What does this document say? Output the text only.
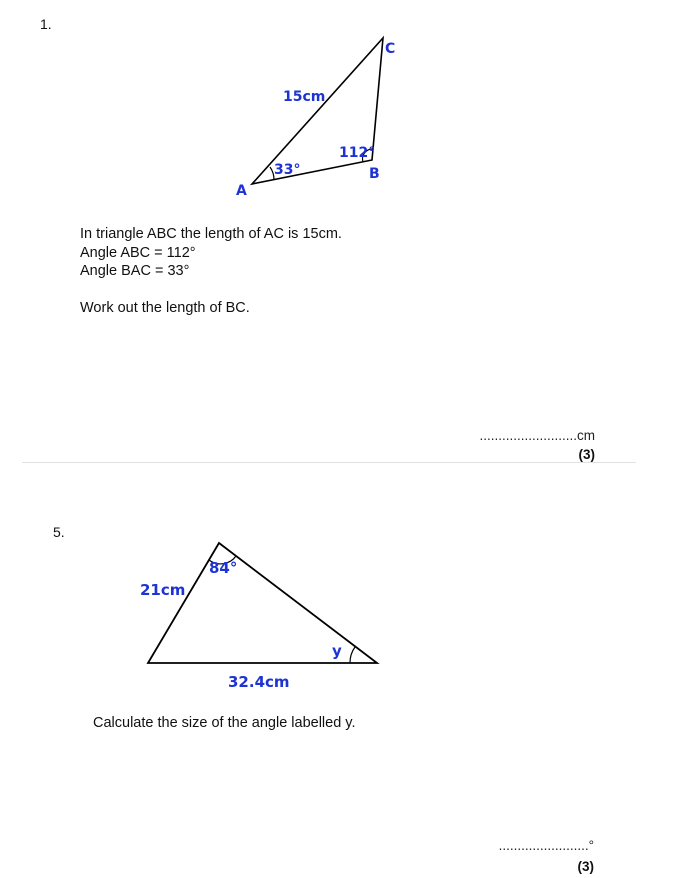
1.
A
B
C
15cm
33°
112°
In triangle ABC the length of AC is 15cm.
Angle ABC = 112°
Angle BAC = 33°
Work out the length of BC.
..........................cm
(3)
5.
21cm
84°
y
32.4cm
Calculate the size of the angle labelled y.
........................°
(3)
